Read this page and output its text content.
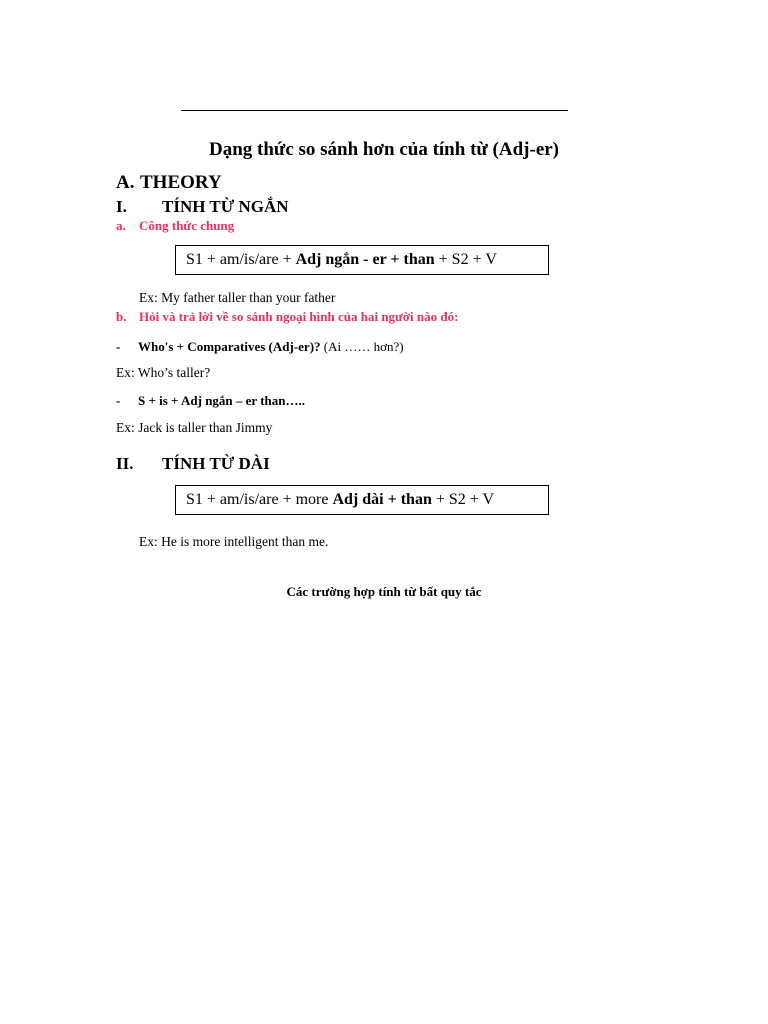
Dạng thức so sánh hơn của tính từ (Adj-er)
A. THEORY
I. TÍNH TỪ NGẮN
a. Công thức chung
S1 + am/is/are + Adj ngắn - er + than + S2 + V
Ex: My father taller than your father
b. Hỏi và trả lời về so sánh ngoại hình của hai người nào đó:
- Who's + Comparatives (Adj-er)? (Ai …… hơn?)
Ex: Who’s taller?
- S + is + Adj ngắn – er than…..
Ex: Jack is taller than Jimmy
II. TÍNH TỪ DÀI
S1 + am/is/are + more Adj dài + than + S2 + V
Ex: He is more intelligent than me.
Các trường hợp tính từ bất quy tắc
